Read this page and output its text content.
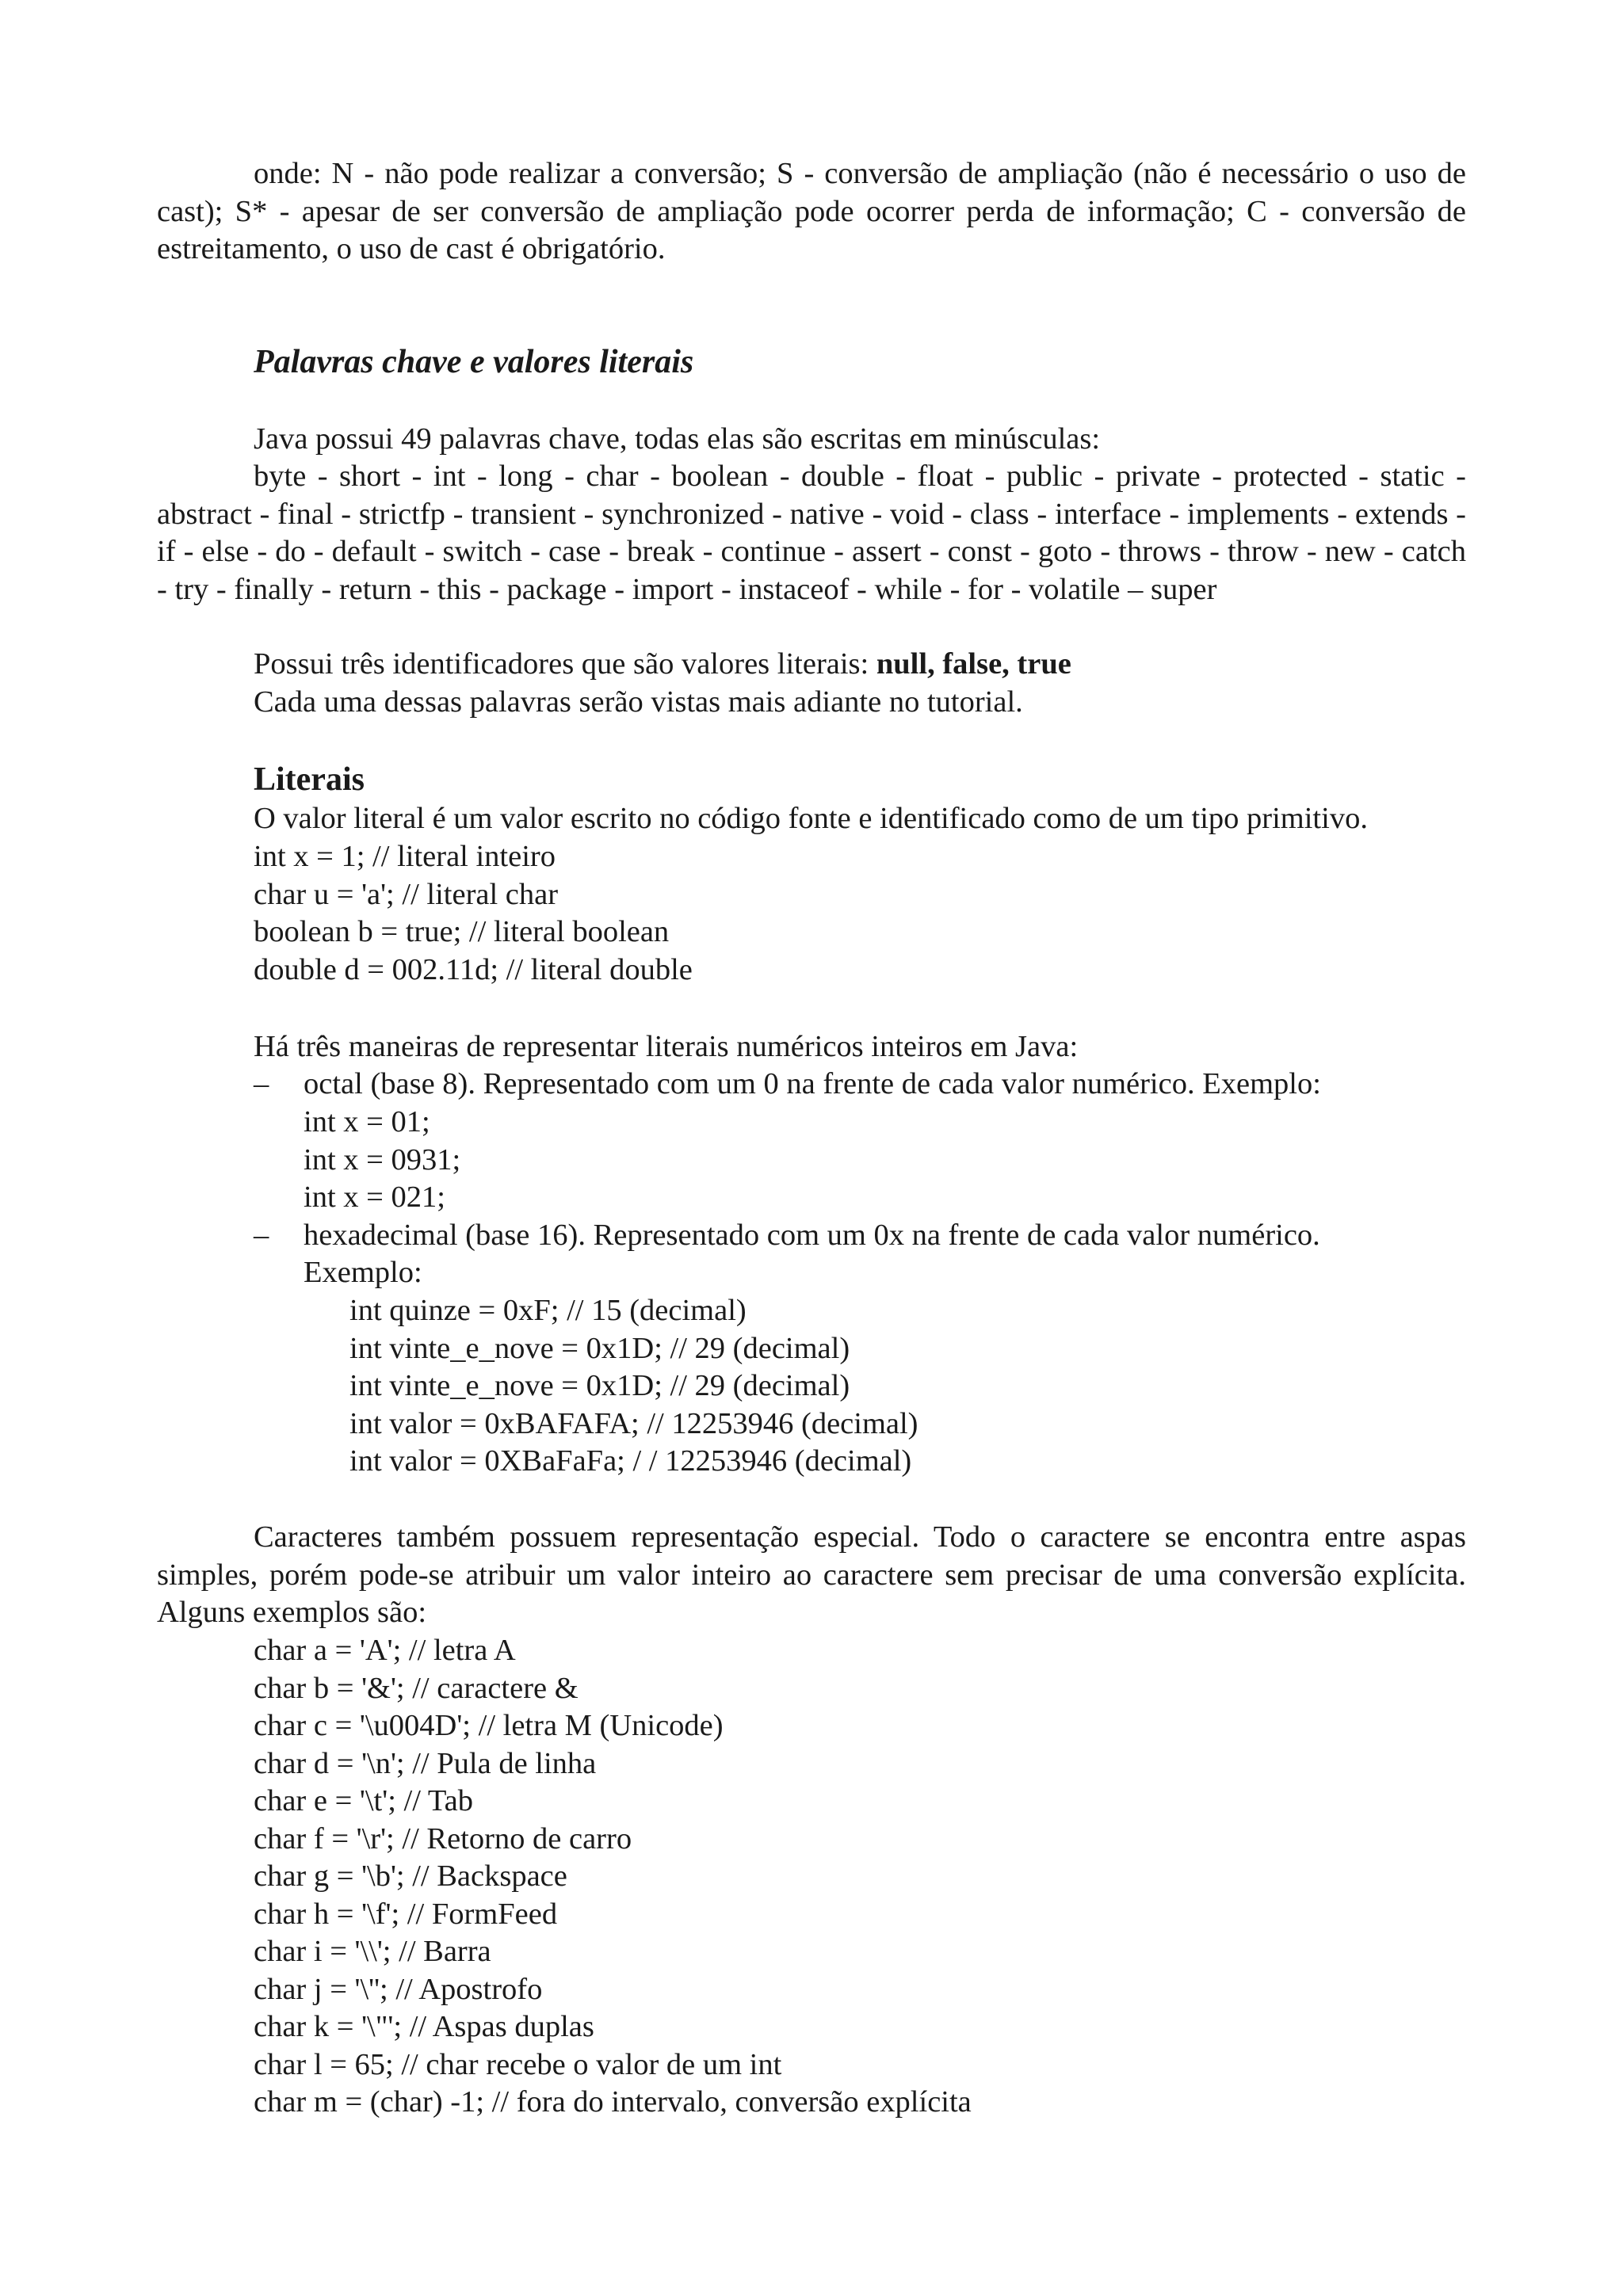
onde: N - não pode realizar a conversão; S - conversão de ampliação (não é necessário o uso de cast); S* - apesar de ser conversão de ampliação pode ocorrer perda de informação; C - conversão de estreitamento, o uso de cast é obrigatório.

Palavras chave e valores literais

Java possui 49 palavras chave, todas elas são escritas em minúsculas:

byte - short - int - long - char - boolean - double - float - public - private - protected - static - abstract - final - strictfp - transient - synchronized - native - void - class - interface - implements - extends - if - else - do - default - switch - case - break - continue - assert - const - goto - throws - throw - new - catch - try - finally - return - this - package - import - instaceof - while - for - volatile – super

Possui três identificadores que são valores literais: null, false, true

Cada uma dessas palavras serão vistas mais adiante no tutorial.

Literais

O valor literal é um valor escrito no código fonte e identificado como de um tipo primitivo.

int x = 1; // literal inteiro
char u = 'a'; // literal char
boolean b = true; // literal boolean
double d = 002.11d; // literal double

Há três maneiras de representar literais numéricos inteiros em Java:

– octal (base 8). Representado com um 0 na frente de cada valor numérico. Exemplo:
int x = 01;
int x = 0931;
int x = 021;
– hexadecimal (base 16). Representado com um 0x na frente de cada valor numérico.
Exemplo:
int quinze = 0xF; // 15 (decimal)
int vinte_e_nove = 0x1D; // 29 (decimal)
int vinte_e_nove = 0x1D; // 29 (decimal)
int valor = 0xBAFAFA; // 12253946 (decimal)
int valor = 0XBaFaFa; / / 12253946 (decimal)

Caracteres também possuem representação especial. Todo o caractere se encontra entre aspas simples, porém pode-se atribuir um valor inteiro ao caractere sem precisar de uma conversão explícita. Alguns exemplos são:

char a = 'A'; // letra A
char b = '&'; // caractere &
char c = '\u004D'; // letra M (Unicode)
char d = '\n'; // Pula de linha
char e = '\t'; // Tab
char f = '\r'; // Retorno de carro
char g = '\b'; // Backspace
char h = '\f'; // FormFeed
char i = '\\'; // Barra
char j = '\''; // Apostrofo
char k = '\"'; // Aspas duplas
char l = 65; // char recebe o valor de um int
char m = (char) -1; // fora do intervalo, conversão explícita
